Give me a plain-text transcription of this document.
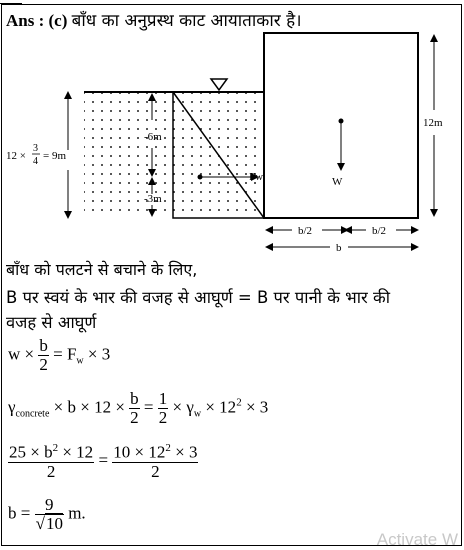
Ans : (c) बाँध का अनुप्रस्थ काट आयाताकार है।
12 ×
3
4 = 9m
-6m
-3m
Fw	W
12m
b/2	b/2
b
बाँध को पलटने से बचाने के लिए,
B पर स्वयं के भार की वजह से आघूर्ण = B पर पानी के भार की
वजह से आघूर्ण
$w \times \frac{b}{2} = F_w \times 3$
$\gamma_{concrete} \times b \times 12 \times \frac{b}{2} = \frac{1}{2} \times \gamma_w \times 12^2 \times 3$
$\frac{25 \times b^2 \times 12}{2} = \frac{10 \times 12^2 \times 3}{2}$
$b = \frac{9}{√10} m$.
Activate W
